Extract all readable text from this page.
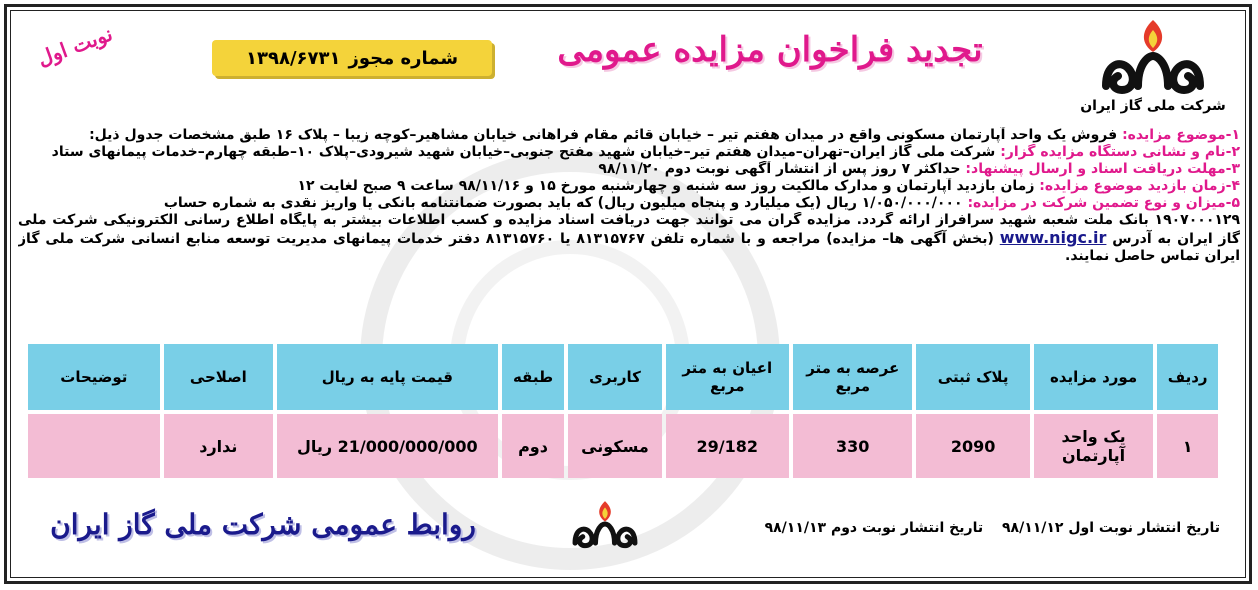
شرکت ملی گاز ایران
تجدید فراخوان مزایده عمومی
شماره مجوز
۱۳۹۸/۶۷۳۱
نوبت اول

۱-موضوع مزایده: فروش یک واحد آپارتمان مسکونی واقع در میدان هفتم تیر – خیابان قائم مقام فراهانی خیابان مشاهیر–کوچه زیبا – پلاک ۱۶ طبق مشخصات جدول ذیل:

۲-نام و نشانی دستگاه مزایده گزار: شرکت ملی گاز ایران–تهران–میدان هفتم تیر–خیابان شهید مفتح جنوبی–خیابان شهید شیرودی–پلاک ۱۰–طبقه چهارم–خدمات پیمانهای ستاد

۳-مهلت دریافت اسناد و ارسال پیشنهاد: حداکثر ۷ روز پس از انتشار آگهی نوبت دوم ۹۸/۱۱/۲۰

۴-زمان بازدید موضوع مزایده: زمان بازدید آپارتمان و مدارک مالکیت روز سه شنبه و چهارشنبه مورخ ۱۵ و ۹۸/۱۱/۱۶ ساعت ۹ صبح لغایت ۱۲

۵-میزان و نوع تضمین شرکت در مزایده: ۱/۰۵۰/۰۰۰/۰۰۰ ریال (یک میلیارد و پنجاه میلیون ریال) که باید بصورت ضمانتنامه بانکی یا واریز نقدی به شماره حساب

۱۹۰۷۰۰۰۱۲۹ بانک ملت شعبه شهید سرافراز ارائه گردد. مزایده گران می توانند جهت دریافت اسناد مزایده و کسب اطلاعات بیشتر به پایگاه اطلاع رسانی الکترونیکی شرکت ملی گاز ایران به آدرس www.nigc.ir (بخش آگهی ها– مزایده) مراجعه و با شماره تلفن ۸۱۳۱۵۷۶۷ یا ۸۱۳۱۵۷۶۰ دفتر خدمات پیمانهای مدیریت توسعه منابع انسانی شرکت ملی گاز ایران تماس حاصل نمایند.

ردیف	مورد مزایده	پلاک ثبتی	عرصه به متر مربع	اعیان به متر مربع	کاربری	طبقه	قیمت پایه به ریال	اصلاحی	توضیحات
۱	یک واحد آپارتمان	2090	330	29/182	مسکونی	دوم	21/000/000/000 ریال	ندارد	
تاریخ انتشار نوبت اول ۹۸/۱۱/۱۲ تاریخ انتشار نوبت دوم ۹۸/۱۱/۱۳
روابط عمومی شرکت ملی گاز ایران
